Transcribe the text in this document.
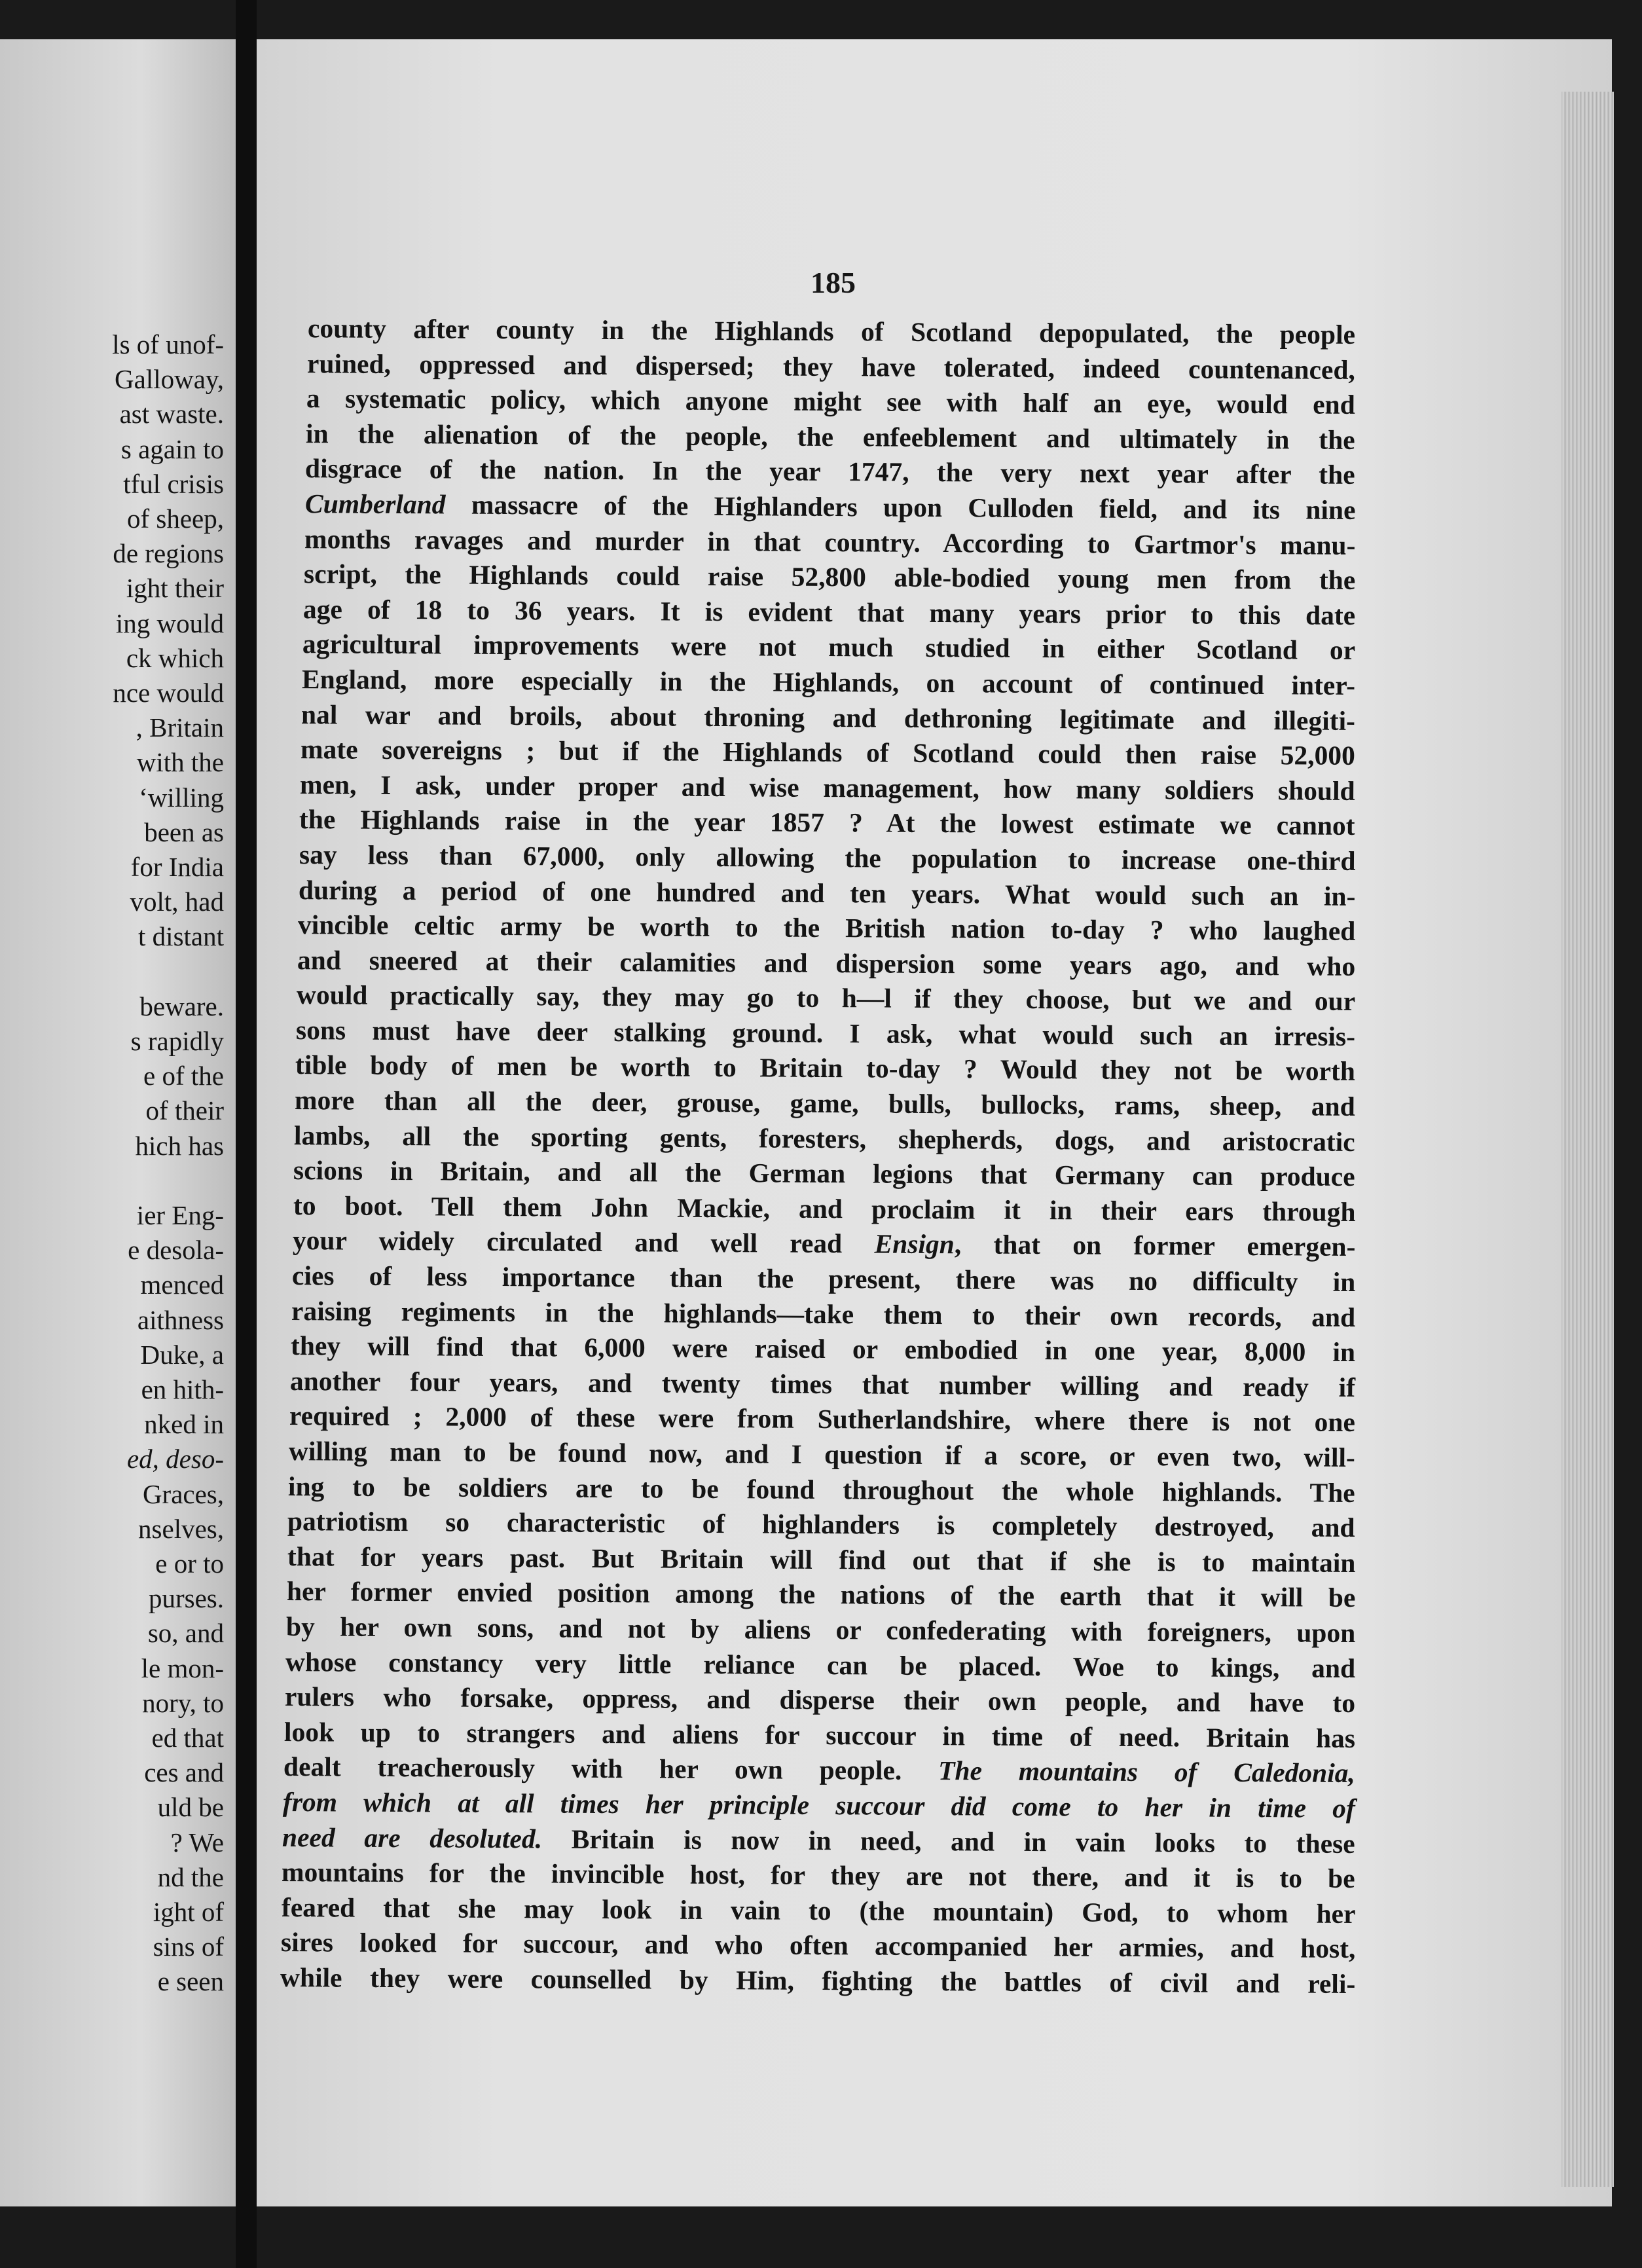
ls of unof-
Galloway,
ast waste.
s again to
tful crisis
of sheep,
de regions
ight their
ing would
ck which
nce would
, Britain
with the
‘willing
been as
for India
volt, had
t distant
beware.
s rapidly
e of the
of their
hich has
ier Eng-
e desola-
menced
aithness
Duke, a
en hith-
nked in
ed, deso-
Graces,
nselves,
e or to
purses.
so, and
le mon-
nory, to
ed that
ces and
uld be
? We
nd the
ight of
sins of
e seen
185
county after county in the Highlands of Scotland depopulated, the people
ruined, oppressed and dispersed; they have tolerated, indeed countenanced,
a systematic policy, which anyone might see with half an eye, would end
in the alienation of the people, the enfeeblement and ultimately in the
disgrace of the nation. In the year 1747, the very next year after the
Cumberland massacre of the Highlanders upon Culloden field, and its nine
months ravages and murder in that country. According to Gartmor's manu-
script, the Highlands could raise 52,800 able-bodied young men from the
age of 18 to 36 years. It is evident that many years prior to this date
agricultural improvements were not much studied in either Scotland or
England, more especially in the Highlands, on account of continued inter-
nal war and broils, about throning and dethroning legitimate and illegiti-
mate sovereigns ; but if the Highlands of Scotland could then raise 52,000
men, I ask, under proper and wise management, how many soldiers should
the Highlands raise in the year 1857 ? At the lowest estimate we cannot
say less than 67,000, only allowing the population to increase one-third
during a period of one hundred and ten years. What would such an in-
vincible celtic army be worth to the British nation to-day ? who laughed
and sneered at their calamities and dispersion some years ago, and who
would practically say, they may go to h—l if they choose, but we and our
sons must have deer stalking ground. I ask, what would such an irresis-
tible body of men be worth to Britain to-day ? Would they not be worth
more than all the deer, grouse, game, bulls, bullocks, rams, sheep, and
lambs, all the sporting gents, foresters, shepherds, dogs, and aristocratic
scions in Britain, and all the German legions that Germany can produce
to boot. Tell them John Mackie, and proclaim it in their ears through
your widely circulated and well read Ensign, that on former emergen-
cies of less importance than the present, there was no difficulty in
raising regiments in the highlands—take them to their own records, and
they will find that 6,000 were raised or embodied in one year, 8,000 in
another four years, and twenty times that number willing and ready if
required ; 2,000 of these were from Sutherlandshire, where there is not one
willing man to be found now, and I question if a score, or even two, will-
ing to be soldiers are to be found throughout the whole highlands. The
patriotism so characteristic of highlanders is completely destroyed, and
that for years past. But Britain will find out that if she is to maintain
her former envied position among the nations of the earth that it will be
by her own sons, and not by aliens or confederating with foreigners, upon
whose constancy very little reliance can be placed. Woe to kings, and
rulers who forsake, oppress, and disperse their own people, and have to
look up to strangers and aliens for succour in time of need. Britain has
dealt treacherously with her own people. The mountains of Caledonia,
from which at all times her principle succour did come to her in time of
need are desoluted. Britain is now in need, and in vain looks to these
mountains for the invincible host, for they are not there, and it is to be
feared that she may look in vain to (the mountain) God, to whom her
sires looked for succour, and who often accompanied her armies, and host,
while they were counselled by Him, fighting the battles of civil and reli-
